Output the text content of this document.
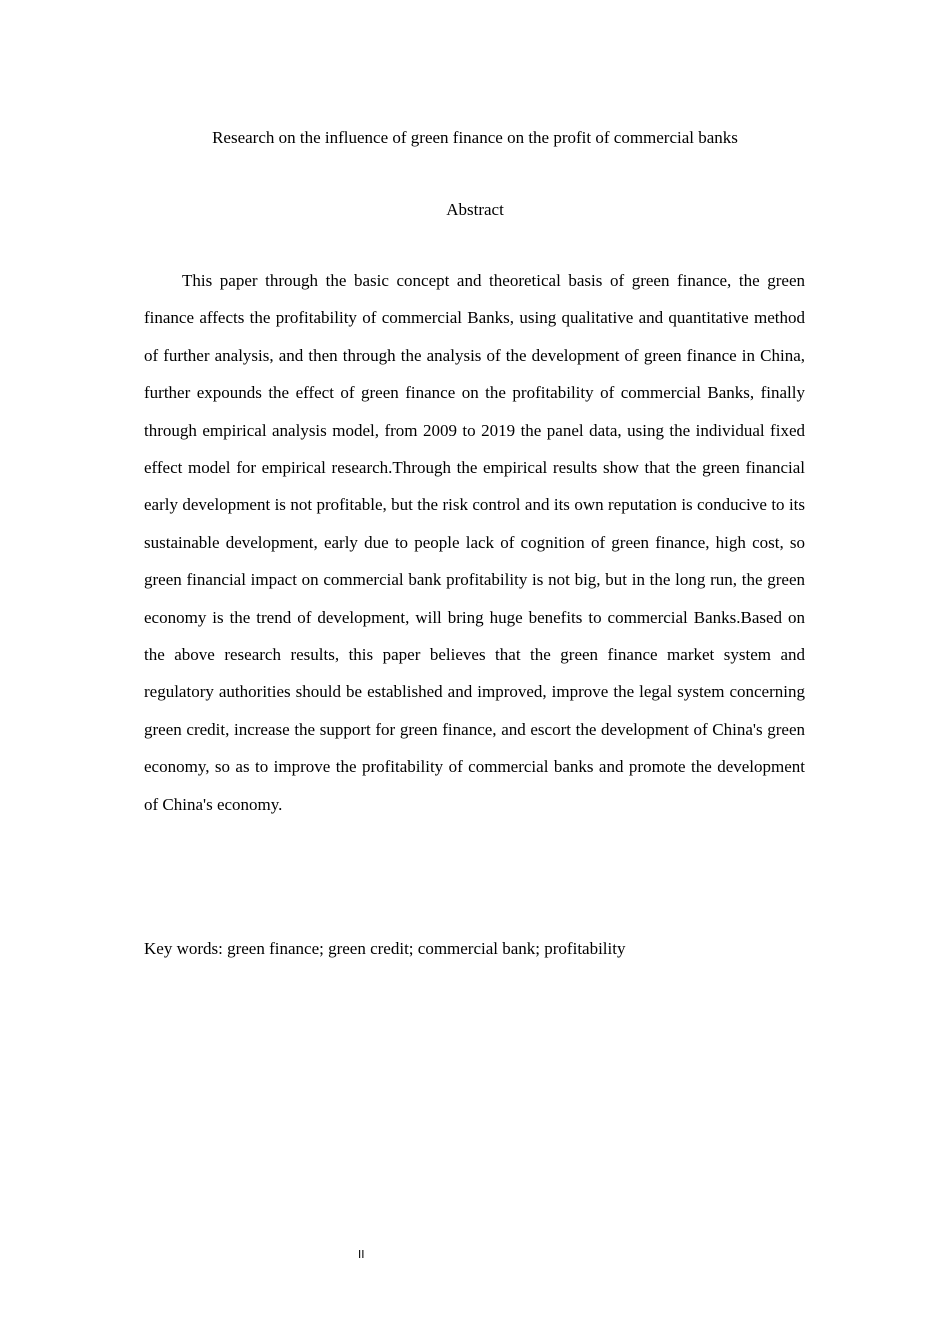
Research on the influence of green finance on the profit of commercial banks
Abstract

This paper through the basic concept and theoretical basis of green finance, the green finance affects the profitability of commercial Banks, using qualitative and quantitative method of further analysis, and then through the analysis of the development of green finance in China, further expounds the effect of green finance on the profitability of commercial Banks, finally through empirical analysis model, from 2009 to 2019 the panel data, using the individual fixed effect model for empirical research.Through the empirical results show that the green financial early development is not profitable, but the risk control and its own reputation is conducive to its sustainable development, early due to people lack of cognition of green finance, high cost, so green financial impact on commercial bank profitability is not big, but in the long run, the green economy is the trend of development, will bring huge benefits to commercial Banks.Based on the above research results, this paper believes that the green finance market system and regulatory authorities should be established and improved, improve the legal system concerning green credit, increase the support for green finance, and escort the development of China's green economy, so as to improve the profitability of commercial banks and promote the development of China's economy.

Key words: green finance; green credit; commercial bank; profitability

II
